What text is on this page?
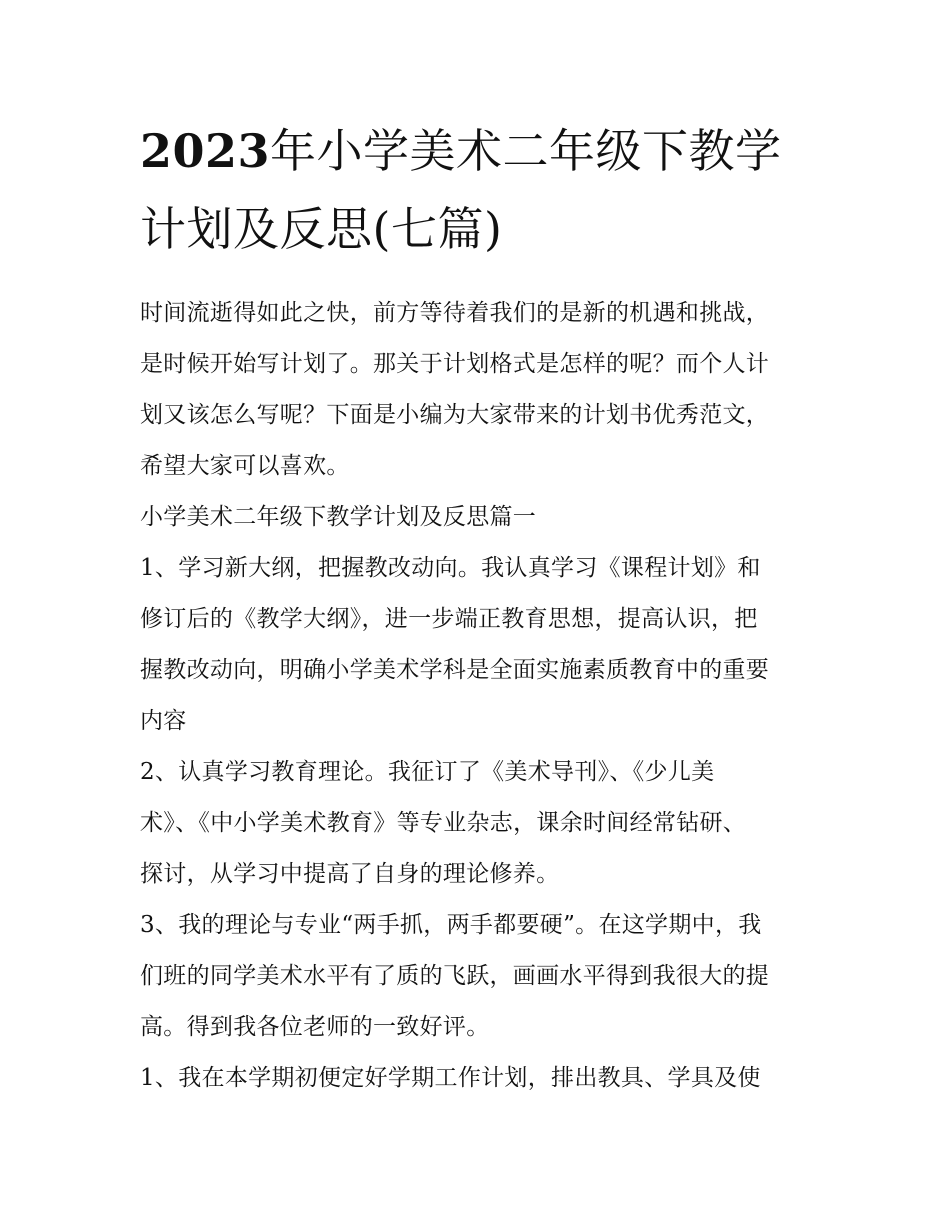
2023年小学美术二年级下教学
计划及反思(七篇)

时间流逝得如此之快，前方等待着我们的是新的机遇和挑战，
是时候开始写计划了。那关于计划格式是怎样的呢？而个人计
划又该怎么写呢？下面是小编为大家带来的计划书优秀范文，
希望大家可以喜欢。

小学美术二年级下教学计划及反思篇一

1、学习新大纲，把握教改动向。我认真学习《课程计划》和
修订后的《教学大纲》，进一步端正教育思想，提高认识，把
握教改动向，明确小学美术学科是全面实施素质教育中的重要
内容

2、认真学习教育理论。我征订了《美术导刊》、《少儿美
术》、《中小学美术教育》等专业杂志，课余时间经常钻研、
探讨，从学习中提高了自身的理论修养。

3、我的理论与专业“两手抓，两手都要硬”。在这学期中，我
们班的同学美术水平有了质的飞跃，画画水平得到我很大的提
高。得到我各位老师的一致好评。

1、我在本学期初便定好学期工作计划，排出教具、学具及使
